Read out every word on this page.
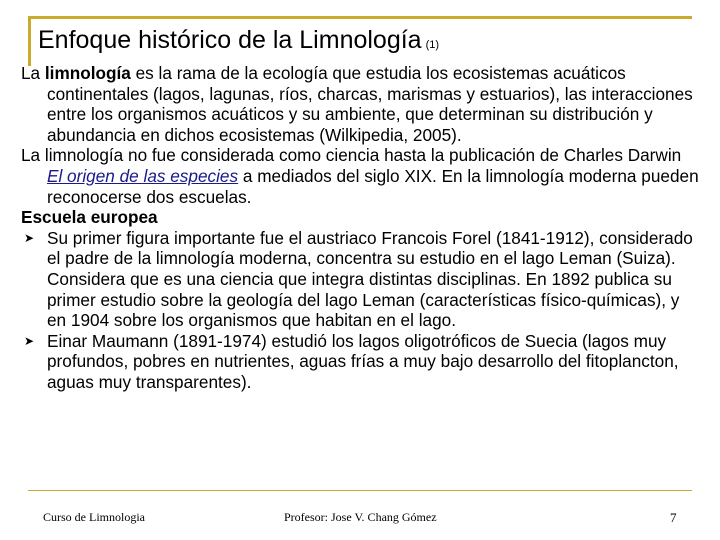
Enfoque histórico de la Limnología (1)

La limnología es la rama de la ecología que estudia los ecosistemas acuáticos continentales (lagos, lagunas, ríos, charcas, marismas y estuarios), las interacciones entre los organismos acuáticos y su ambiente, que determinan su distribución y abundancia en dichos ecosistemas (Wilkipedia, 2005).

La limnología no fue considerada como ciencia hasta la publicación de Charles Darwin El origen de las especies a mediados del siglo XIX. En la limnología moderna pueden reconocerse dos escuelas.

Escuela europea

➤ Su primer figura importante fue el austriaco Francois Forel (1841-1912), considerado el padre de la limnología moderna, concentra su estudio en el lago Leman (Suiza). Considera que es una ciencia que integra distintas disciplinas. En 1892 publica su primer estudio sobre la geología del lago Leman (características físico-químicas), y en 1904 sobre los organismos que habitan en el lago.

➤ Einar Maumann (1891-1974) estudió los lagos oligotróficos de Suecia (lagos muy profundos, pobres en nutrientes, aguas frías a muy bajo desarrollo del fitoplancton, aguas muy transparentes).

Curso de Limnologia	Profesor: Jose V. Chang Gómez	7
